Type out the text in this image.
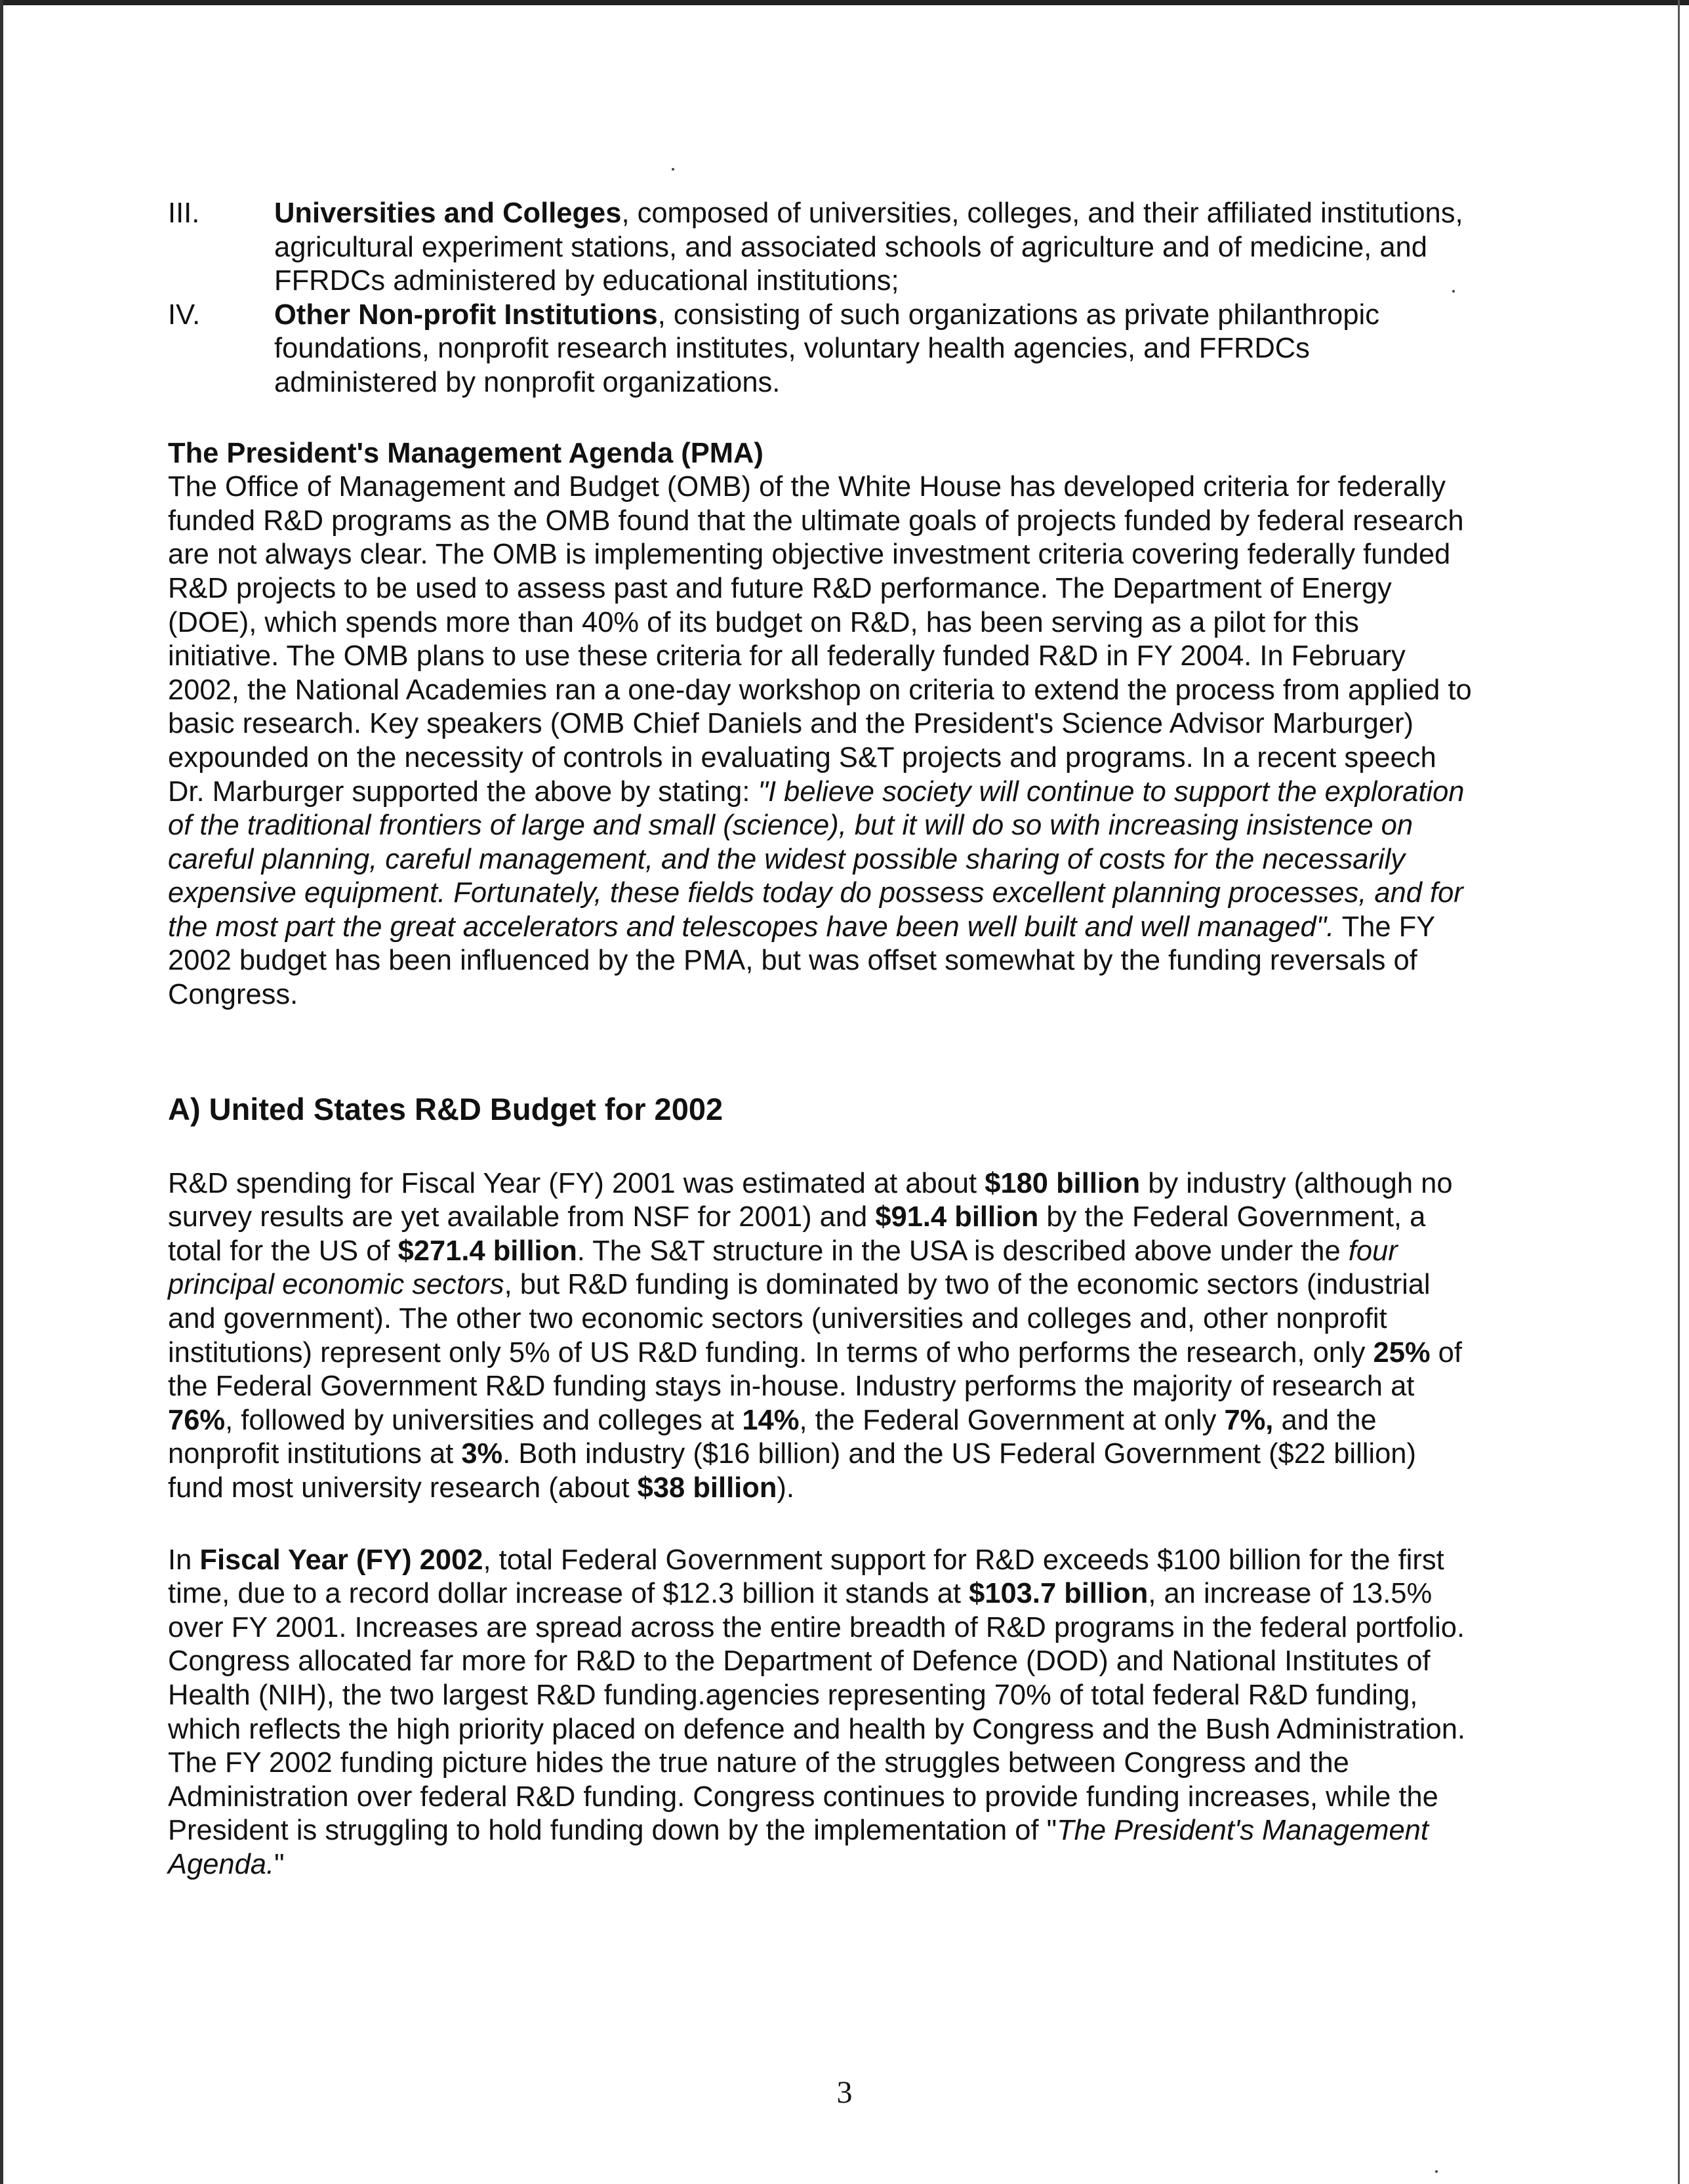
III.	Universities and Colleges, composed of universities, colleges, and their affiliated institutions, agricultural experiment stations, and associated schools of agriculture and of medicine, and FFRDCs administered by educational institutions;
IV.	Other Non-profit Institutions, consisting of such organizations as private philanthropic foundations, nonprofit research institutes, voluntary health agencies, and FFRDCs administered by nonprofit organizations.

The President's Management Agenda (PMA)

The Office of Management and Budget (OMB) of the White House has developed criteria for federally funded R&D programs as the OMB found that the ultimate goals of projects funded by federal research are not always clear. The OMB is implementing objective investment criteria covering federally funded R&D projects to be used to assess past and future R&D performance. The Department of Energy (DOE), which spends more than 40% of its budget on R&D, has been serving as a pilot for this initiative. The OMB plans to use these criteria for all federally funded R&D in FY 2004. In February 2002, the National Academies ran a one-day workshop on criteria to extend the process from applied to basic research. Key speakers (OMB Chief Daniels and the President's Science Advisor Marburger) expounded on the necessity of controls in evaluating S&T projects and programs. In a recent speech Dr. Marburger supported the above by stating: "I believe society will continue to support the exploration of the traditional frontiers of large and small (science), but it will do so with increasing insistence on careful planning, careful management, and the widest possible sharing of costs for the necessarily expensive equipment. Fortunately, these fields today do possess excellent planning processes, and for the most part the great accelerators and telescopes have been well built and well managed". The FY 2002 budget has been influenced by the PMA, but was offset somewhat by the funding reversals of Congress.

A) United States R&D Budget for 2002

R&D spending for Fiscal Year (FY) 2001 was estimated at about $180 billion by industry (although no survey results are yet available from NSF for 2001) and $91.4 billion by the Federal Government, a total for the US of $271.4 billion. The S&T structure in the USA is described above under the four principal economic sectors, but R&D funding is dominated by two of the economic sectors (industrial and government). The other two economic sectors (universities and colleges and, other nonprofit institutions) represent only 5% of US R&D funding. In terms of who performs the research, only 25% of the Federal Government R&D funding stays in-house. Industry performs the majority of research at 76%, followed by universities and colleges at 14%, the Federal Government at only 7%, and the nonprofit institutions at 3%. Both industry ($16 billion) and the US Federal Government ($22 billion) fund most university research (about $38 billion).

In Fiscal Year (FY) 2002, total Federal Government support for R&D exceeds $100 billion for the first time, due to a record dollar increase of $12.3 billion it stands at $103.7 billion, an increase of 13.5% over FY 2001. Increases are spread across the entire breadth of R&D programs in the federal portfolio. Congress allocated far more for R&D to the Department of Defence (DOD) and National Institutes of Health (NIH), the two largest R&D funding.agencies representing 70% of total federal R&D funding, which reflects the high priority placed on defence and health by Congress and the Bush Administration. The FY 2002 funding picture hides the true nature of the struggles between Congress and the Administration over federal R&D funding. Congress continues to provide funding increases, while the President is struggling to hold funding down by the implementation of "The President's Management Agenda."

3
